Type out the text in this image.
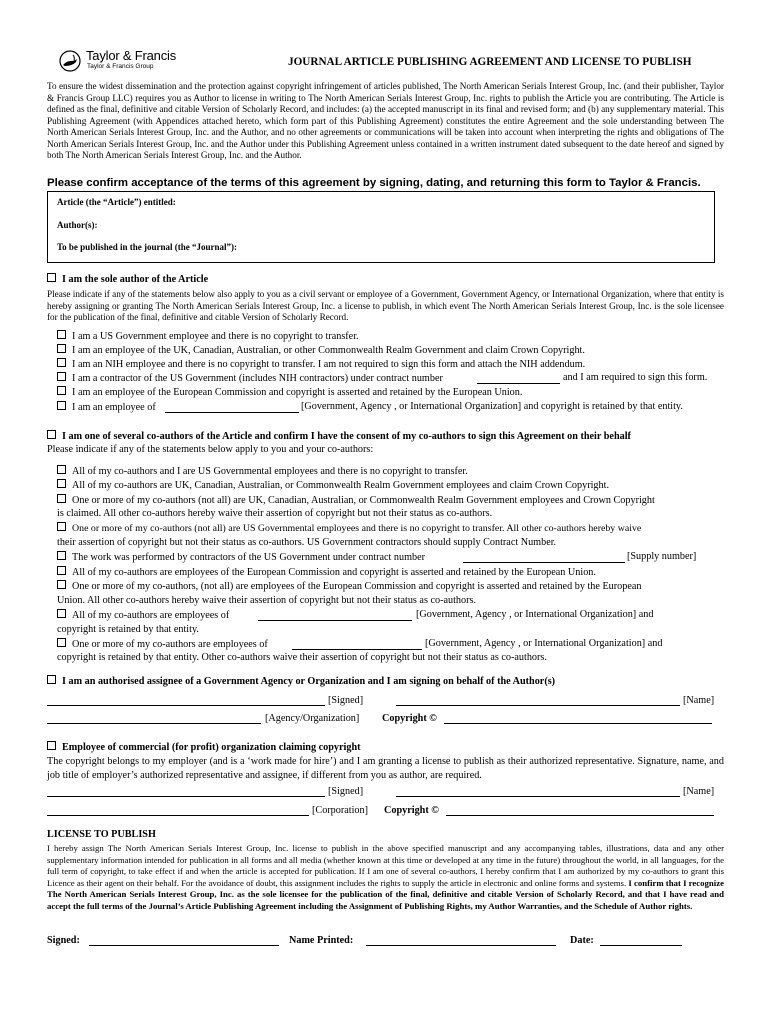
Taylor & Francis
Taylor & Francis Group	JOURNAL ARTICLE PUBLISHING AGREEMENT AND LICENSE TO PUBLISH
To ensure the widest dissemination and the protection against copyright infringement of articles published, The North American Serials Interest Group, Inc. (and their publisher, Taylor & Francis Group LLC) requires you as Author to license in writing to The North American Serials Interest Group, Inc. rights to publish the Article you are contributing. The Article is defined as the final, definitive and citable Version of Scholarly Record, and includes: (a) the accepted manuscript in its final and revised form; and (b) any supplementary material. This Publishing Agreement (with Appendices attached hereto, which form part of this Publishing Agreement) constitutes the entire Agreement and the sole understanding between The North American Serials Interest Group, Inc. and the Author, and no other agreements or communications will be taken into account when interpreting the rights and obligations of The North American Serials Interest Group, Inc. and the Author under this Publishing Agreement unless contained in a written instrument dated subsequent to the date hereof and signed by both The North American Serials Interest Group, Inc. and the Author.
Please confirm acceptance of the terms of this agreement by signing, dating, and returning this form to Taylor & Francis.
Article (the “Article”) entitled:
Author(s):
To be published in the journal (the “Journal”):
I am the sole author of the Article
Please indicate if any of the statements below also apply to you as a civil servant or employee of a Government, Government Agency, or International Organization, where that entity is hereby assigning or granting The North American Serials Interest Group, Inc. a license to publish, in which event The North American Serials Interest Group, Inc. is the sole licensee for the publication of the final, definitive and citable Version of Scholarly Record.
I am a US Government employee and there is no copyright to transfer.
I am an employee of the UK, Canadian, Australian, or other Commonwealth Realm Government and claim Crown Copyright.
I am an NIH employee and there is no copyright to transfer. I am not required to sign this form and attach the NIH addendum.
I am a contractor of the US Government (includes NIH contractors) under contract number	and I am required to sign this form.
I am an employee of the European Commission and copyright is asserted and retained by the European Union.
I am an employee of	[Government, Agency , or International Organization] and copyright is retained by that entity.
I am one of several co-authors of the Article and confirm I have the consent of my co-authors to sign this Agreement on their behalf
Please indicate if any of the statements below apply to you and your co-authors:
All of my co-authors and I are US Governmental employees and there is no copyright to transfer.
All of my co-authors are UK, Canadian, Australian, or Commonwealth Realm Government employees and claim Crown Copyright.
One or more of my co-authors (not all) are UK, Canadian, Australian, or Commonwealth Realm Government employees and Crown Copyright
is claimed. All other co-authors hereby waive their assertion of copyright but not their status as co-authors.
One or more of my co-authors (not all) are US Governmental employees and there is no copyright to transfer. All other co-authors hereby waive
their assertion of copyright but not their status as co-authors. US Government contractors should supply Contract Number.
The work was performed by contractors of the US Government under contract number	[Supply number]
All of my co-authors are employees of the European Commission and copyright is asserted and retained by the European Union.
One or more of my co-authors, (not all) are employees of the European Commission and copyright is asserted and retained by the European
Union. All other co-authors hereby waive their assertion of copyright but not their status as co-authors.
All of my co-authors are employees of	[Government, Agency , or International Organization] and
copyright is retained by that entity.
One or more of my co-authors are employees of	[Government, Agency , or International Organization] and
copyright is retained by that entity. Other co-authors waive their assertion of copyright but not their status as co-authors.
I am an authorised assignee of a Government Agency or Organization and I am signing on behalf of the Author(s)
[Signed]	[Name]
[Agency/Organization] Copyright ©
Employee of commercial (for profit) organization claiming copyright
The copyright belongs to my employer (and is a ‘work made for hire’) and I am granting a license to publish as their authorized representative. Signature, name, and job title of employer’s authorized representative and assignee, if different from you as author, are required.
[Signed]	[Name]
[Corporation] Copyright ©
LICENSE TO PUBLISH
I hereby assign The North American Serials Interest Group, Inc. license to publish in the above specified manuscript and any accompanying tables, illustrations, data and any other supplementary information intended for publication in all forms and all media (whether known at this time or developed at any time in the future) throughout the world, in all languages, for the full term of copyright, to take effect if and when the article is accepted for publication. If I am one of several co-authors, I hereby confirm that I am authorized by my co-authors to grant this Licence as their agent on their behalf. For the avoidance of doubt, this assignment includes the rights to supply the article in electronic and online forms and systems. I confirm that I recognize The North American Serials Interest Group, Inc. as the sole licensee for the publication of the final, definitive and citable Version of Scholarly Record, and that I have read and accept the full terms of the Journal’s Article Publishing Agreement including the Assignment of Publishing Rights, my Author Warranties, and the Schedule of Author rights.
Signed:	Name Printed:	Date:
